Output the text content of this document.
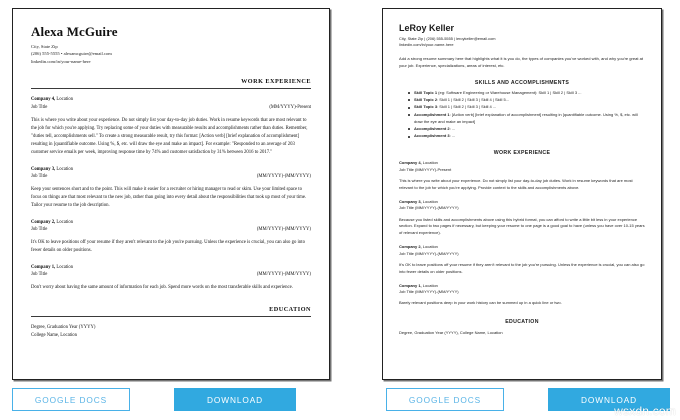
Alexa McGuire
City, State Zip
(206) 555-5555 • alexamcguire@email.com
linkedin.com/in/your-name-here
WORK EXPERIENCE
Company 4, Location
Job Title	(MM/YYYY)-Present

This is where you write about your experience. Do not simply list your day-to-day job duties. Work in resume keywords that are most relevant to the job for which you're applying. Try replacing some of your duties with measurable results and accomplishments rather than duties. Remember, "duties tell, accomplishments sell." To create a strong measurable result, try this format: [Action verb] [brief explanation of accomplishment] resulting in [quantifiable outcome. Using %, $, etc. will draw the eye and make an impact]. For example: "Responded to an average of 203 customer service emails per week, improving response time by 74% and customer satisfaction by 31% between 2016 to 2017."

Company 3, Location
Job Title	(MM/YYYY)-(MM/YYYY)

Keep your sentences short and to the point. This will make it easier for a recruiter or hiring manager to read or skim. Use your limited space to focus on things are that most relevant to the new job, rather than going into every detail about the responsibilities that took up most of your time. Tailor your resume to the job description.

Company 2, Location
Job Title	(MM/YYYY)-(MM/YYYY)

It's OK to leave positions off your resume if they aren't relevant to the job you're pursuing. Unless the experience is crucial, you can also go into fewer details on older positions.

Company 1, Location
Job Title	(MM/YYYY)-(MM/YYYY)

Don't worry about having the same amount of information for each job. Spend more words on the most transferable skills and experience.

EDUCATION
Degree, Graduation Year (YYYY)
College Name, Location
GOOGLE DOCS	DOWNLOAD
LeRoy Keller
City, State Zip | (206) 555-5555 | leroykeller@email.com
linkedin.com/in/your-name-here

Add a strong resume summary here that highlights what it is you do, the types of companies you've worked with, and why you're great at your job. Experience, specializations, areas of interest, etc.

SKILLS AND ACCOMPLISHMENTS
Skill Topic 1 (eg: Software Engineering or Warehouse Management): Skill 1 | Skill 2 | Skill 3 ...
Skill Topic 2: Skill 1 | Skill 2 | Skill 3 | Skill 4 | Skill 5...
Skill Topic 3: Skill 1 | Skill 2 | Skill 3 | Skill 4 ...
Accomplishment 1: [Action verb] [brief explanation of accomplishment] resulting in [quantifiable outcome. Using %, $, etc. will draw the eye and make an impact]
Accomplishment 2: ...
Accomplishment 3: ...
WORK EXPERIENCE
Company 4, Location
Job Title (MM/YYYY)-Present

This is where you write about your experience. Do not simply list your day-to-day job duties. Work in resume keywords that are most relevant to the job for which you're applying. Provide context to the skills and accomplishments above.

Company 3, Location
Job Title (MM/YYYY)-(MM/YYYY)

Because you listed skills and accomplishments above using this hybrid format, you can afford to write a little bit less in your experience section. Expand to two pages if necessary, but keeping your resume to one page is a good goal to have (unless you have over 10-15 years of relevant experience).

Company 2, Location
Job Title (MM/YYYY)-(MM/YYYY)

It's OK to leave positions off your resume if they aren't relevant to the job you're pursuing. Unless the experience is crucial, you can also go into fewer details on older positions.

Company 1, Location
Job Title (MM/YYYY)-(MM/YYYY)

Barely relevant positions deep in your work history can be summed up in a quick line or two.

EDUCATION
Degree, Graduation Year (YYYY), College Name, Location
GOOGLE DOCS	DOWNLOAD
wsxdn.com
